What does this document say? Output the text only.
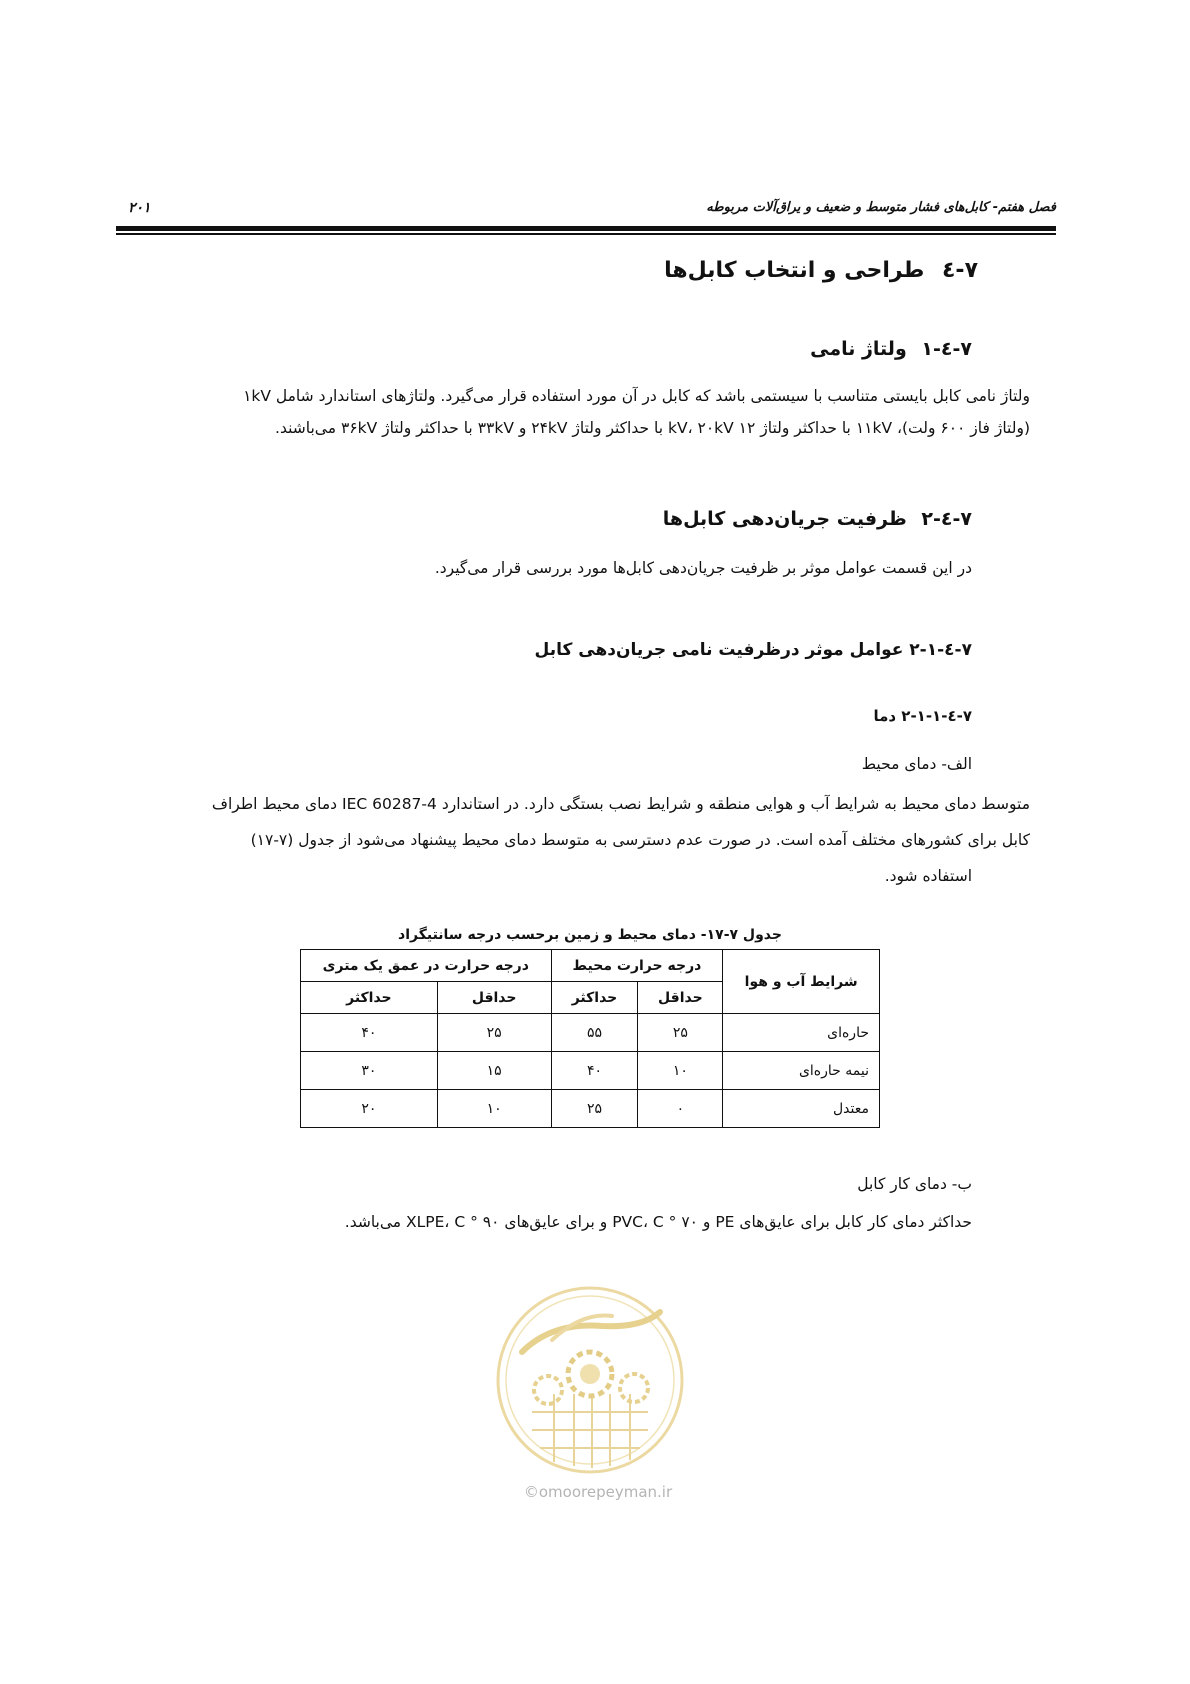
۲۰۱	فصل هفتم- کابل‌های فشار متوسط و ضعیف و یراق‌آلات مربوطه
۷-٤ طراحی و انتخاب کابل‌ها
۷-٤-۱ ولتاژ نامی
ولتاژ نامی کابل بایستی متناسب با سیستمی باشد که کابل در آن مورد استفاده قرار می‌گیرد. ولتاژهای استاندارد شامل ۱kV
(ولتاژ فاز ۶۰۰ ولت)، ۱۱kV با حداکثر ولتاژ ۱۲ kV، ۲۰kV با حداکثر ولتاژ ۲۴kV و ۳۳kV با حداکثر ولتاژ ۳۶kV می‌باشند.
۷-٤-۲ ظرفیت جریان‌دهی کابل‌ها
در این قسمت عوامل موثر بر ظرفیت جریان‌دهی کابل‌ها مورد بررسی قرار می‌گیرد.
۷-٤-۲-۱ عوامل موثر درظرفیت نامی جریان‌دهی کابل
۷-٤-۲-۱-۱ دما
الف- دمای محیط
متوسط دمای محیط به شرایط آب و هوایی منطقه و شرایط نصب بستگی دارد. در استاندارد IEC 60287-4 دمای محیط اطراف
کابل برای کشورهای مختلف آمده است. در صورت عدم دسترسی به متوسط دمای محیط پیشنهاد می‌شود از جدول (۷-۱۷)
استفاده شود.
جدول ۷-۱۷- دمای محیط و زمین برحسب درجه سانتیگراد
شرایط آب و هوا	درجه حرارت محیط		درجه حرارت در عمق یک متری	
	حداقل	حداکثر	حداقل	حداکثر
حاره‌ای	۲۵	۵۵	۲۵	۴۰
نیمه حاره‌ای	۱۰	۴۰	۱۵	۳۰
معتدل	۰	۲۵	۱۰	۲۰
ب- دمای کار کابل
حداکثر دمای کار کابل برای عایق‌های PE و PVC، C ° ۷۰ و برای عایق‌های XLPE، C ° ۹۰ می‌باشد.
©omoorepeyman.ir
